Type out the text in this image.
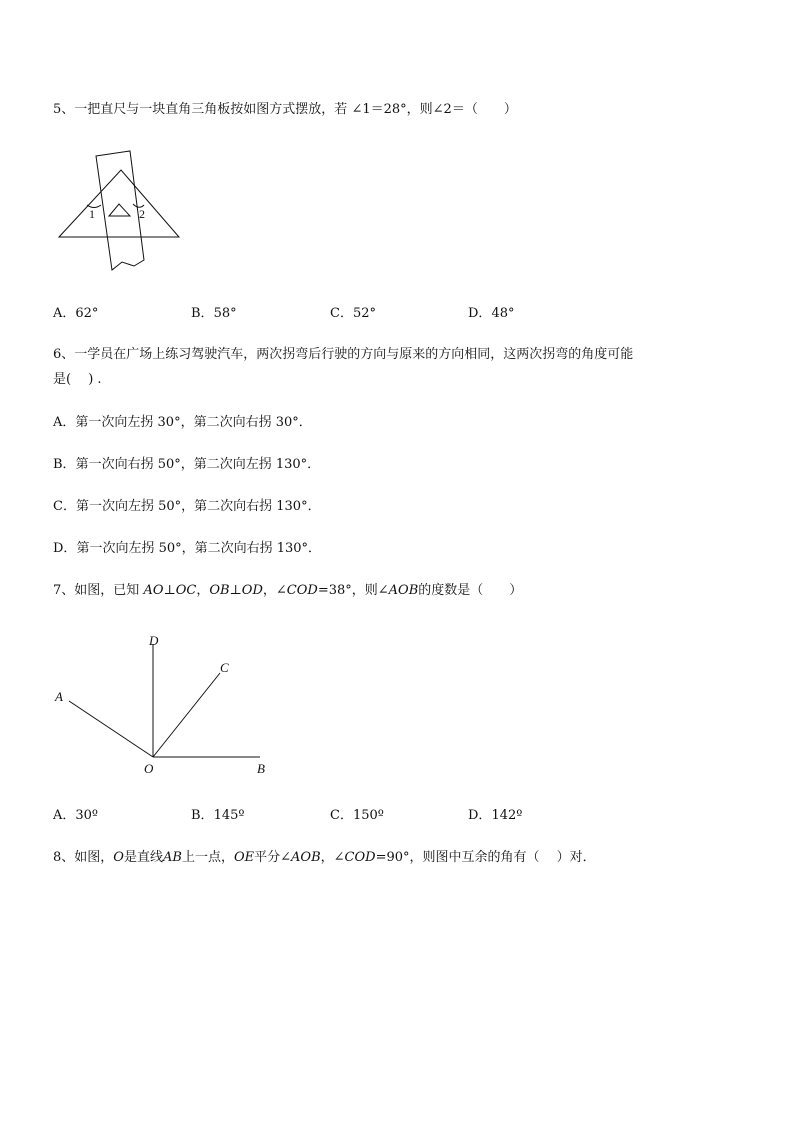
5、一把直尺与一块直角三角板按如图方式摆放，若 ∠1＝28°，则∠2＝（　　）
1	2
A．62°	B．58°	C．52°	D．48°
6、一学员在广场上练习驾驶汽车，两次拐弯后行驶的方向与原来的方向相同，这两次拐弯的角度可能
是(　 ) .
A．第一次向左拐 30°，第二次向右拐 30°．
B．第一次向右拐 50°，第二次向左拐 130°．
C．第一次向左拐 50°，第二次向右拐 130°．
D．第一次向左拐 50°，第二次向右拐 130°．
7、如图，已知 AO⊥OC，OB⊥OD，∠COD=38°，则∠AOB的度数是（　　）
D
C
A
O	B
A．30º	B．145º	C．150º	D．142º
8、如图，O是直线AB上一点，OE平分∠AOB，∠COD=90°，则图中互余的角有（　 ）对．
